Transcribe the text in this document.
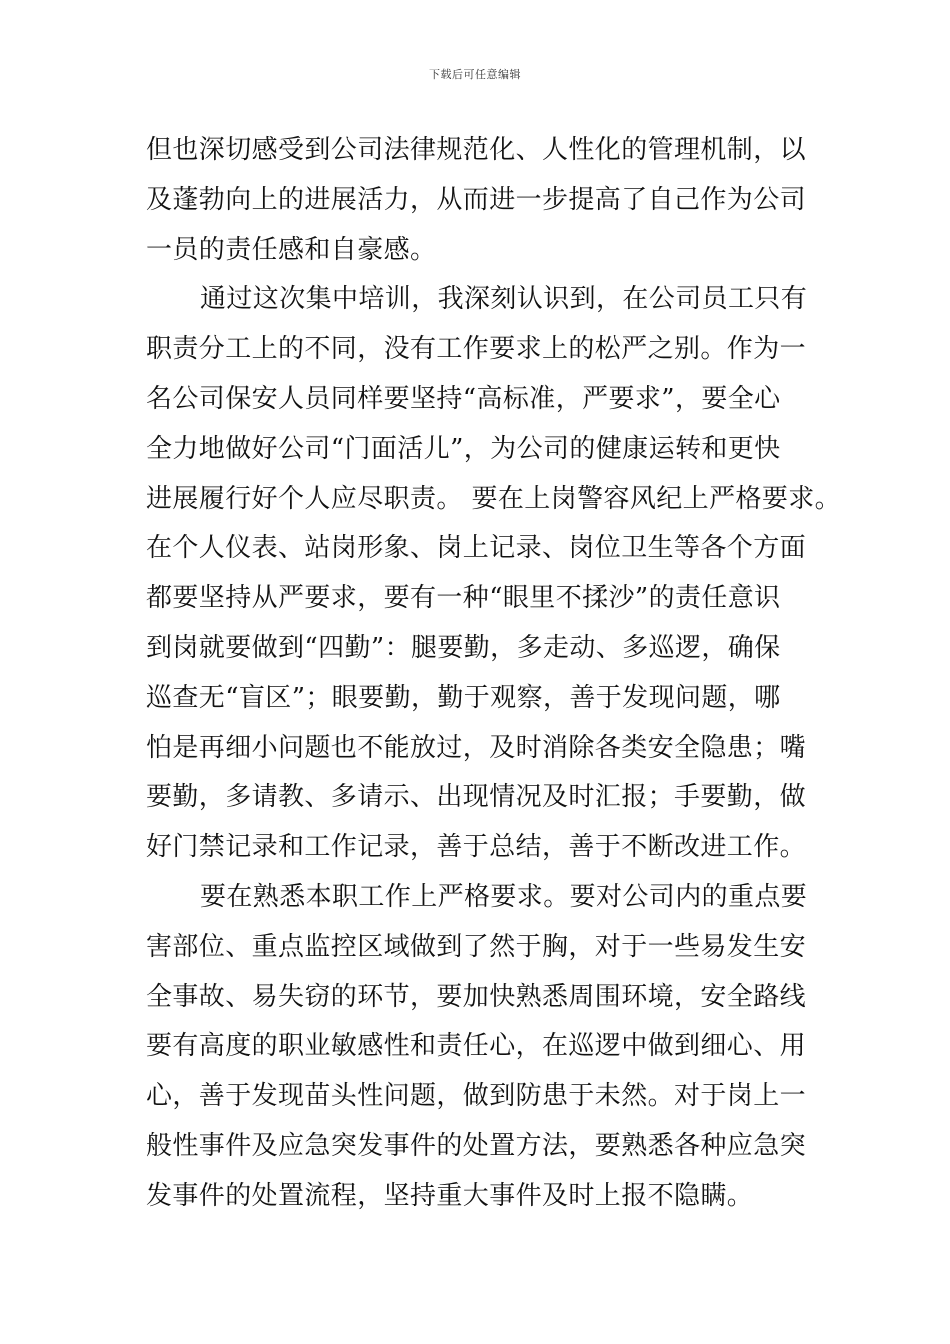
下载后可任意编辑
但也深切感受到公司法律规范化、人性化的管理机制，以
及蓬勃向上的进展活力，从而进一步提高了自己作为公司
一员的责任感和自豪感。
通过这次集中培训，我深刻认识到，在公司员工只有
职责分工上的不同，没有工作要求上的松严之别。作为一
名公司保安人员同样要坚持“高标准，严要求”，要全心
全力地做好公司“门面活儿”，为公司的健康运转和更快
进展履行好个人应尽职责。 要在上岗警容风纪上严格要求。
在个人仪表、站岗形象、岗上记录、岗位卫生等各个方面
都要坚持从严要求，要有一种“眼里不揉沙”的责任意识
到岗就要做到“四勤”：腿要勤，多走动、多巡逻，确保
巡查无“盲区”；眼要勤，勤于观察，善于发现问题，哪
怕是再细小问题也不能放过，及时消除各类安全隐患；嘴
要勤，多请教、多请示、出现情况及时汇报；手要勤，做
好门禁记录和工作记录，善于总结，善于不断改进工作。
要在熟悉本职工作上严格要求。要对公司内的重点要
害部位、重点监控区域做到了然于胸，对于一些易发生安
全事故、易失窃的环节，要加快熟悉周围环境，安全路线
要有高度的职业敏感性和责任心，在巡逻中做到细心、用
心，善于发现苗头性问题，做到防患于未然。对于岗上一
般性事件及应急突发事件的处置方法，要熟悉各种应急突
发事件的处置流程，坚持重大事件及时上报不隐瞒。
